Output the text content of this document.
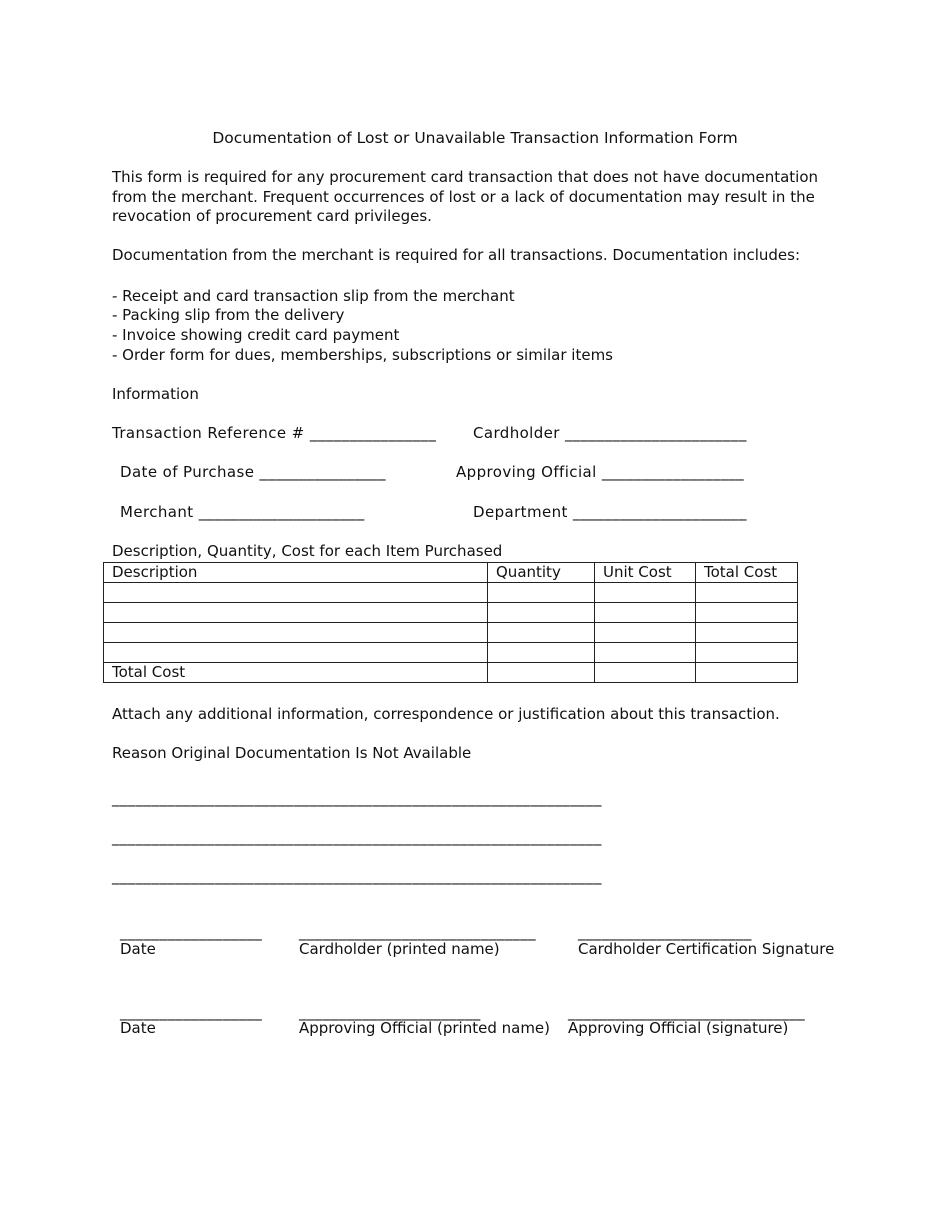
Documentation of Lost or Unavailable Transaction Information Form
This form is required for any procurement card transaction that does not have documentation from the merchant. Frequent occurrences of lost or a lack of documentation may result in the revocation of procurement card privileges.
Documentation from the merchant is required for all transactions. Documentation includes:
- Receipt and card transaction slip from the merchant
- Packing slip from the delivery
- Invoice showing credit card payment
- Order form for dues, memberships, subscriptions or similar items
Information
Transaction Reference # ________________ Cardholder _______________________
Date of Purchase ________________	Approving Official __________________
Merchant _____________________	Department ______________________
Description, Quantity, Cost for each Item Purchased
Description	Quantity	Unit Cost	Total Cost

Total Cost			
Attach any additional information, correspondence or justification about this transaction.
Reason Original Documentation Is Not Available
______________________________________________________________
______________________________________________________________
______________________________________________________________
__________________ ______________________________	______________________
Date	Cardholder (printed name)	Cardholder Certification Signature
__________________ _______________________	______________________________
Date	Approving Official (printed name) Approving Official (signature)
